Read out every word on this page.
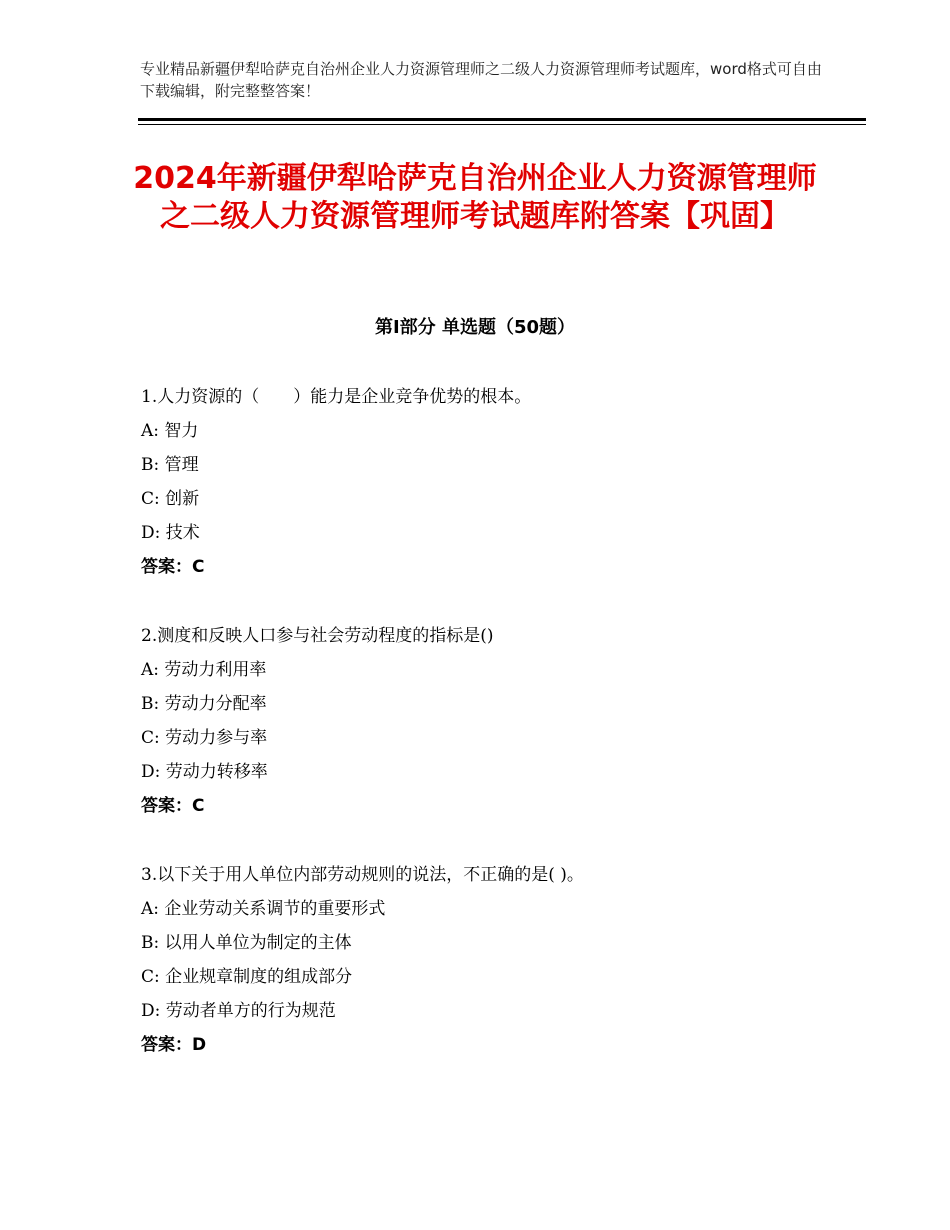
专业精品新疆伊犁哈萨克自治州企业人力资源管理师之二级人力资源管理师考试题库，word格式可自由下载编辑，附完整整答案！
2024年新疆伊犁哈萨克自治州企业人力资源管理师之二级人力资源管理师考试题库附答案【巩固】
第Ⅰ部分 单选题（50题）
1.人力资源的（　　）能力是企业竞争优势的根本。
A: 智力
B: 管理
C: 创新
D: 技术
答案：C
2.测度和反映人口参与社会劳动程度的指标是()
A: 劳动力利用率
B: 劳动力分配率
C: 劳动力参与率
D: 劳动力转移率
答案：C
3.以下关于用人单位内部劳动规则的说法，不正确的是( )。
A: 企业劳动关系调节的重要形式
B: 以用人单位为制定的主体
C: 企业规章制度的组成部分
D: 劳动者单方的行为规范
答案：D
